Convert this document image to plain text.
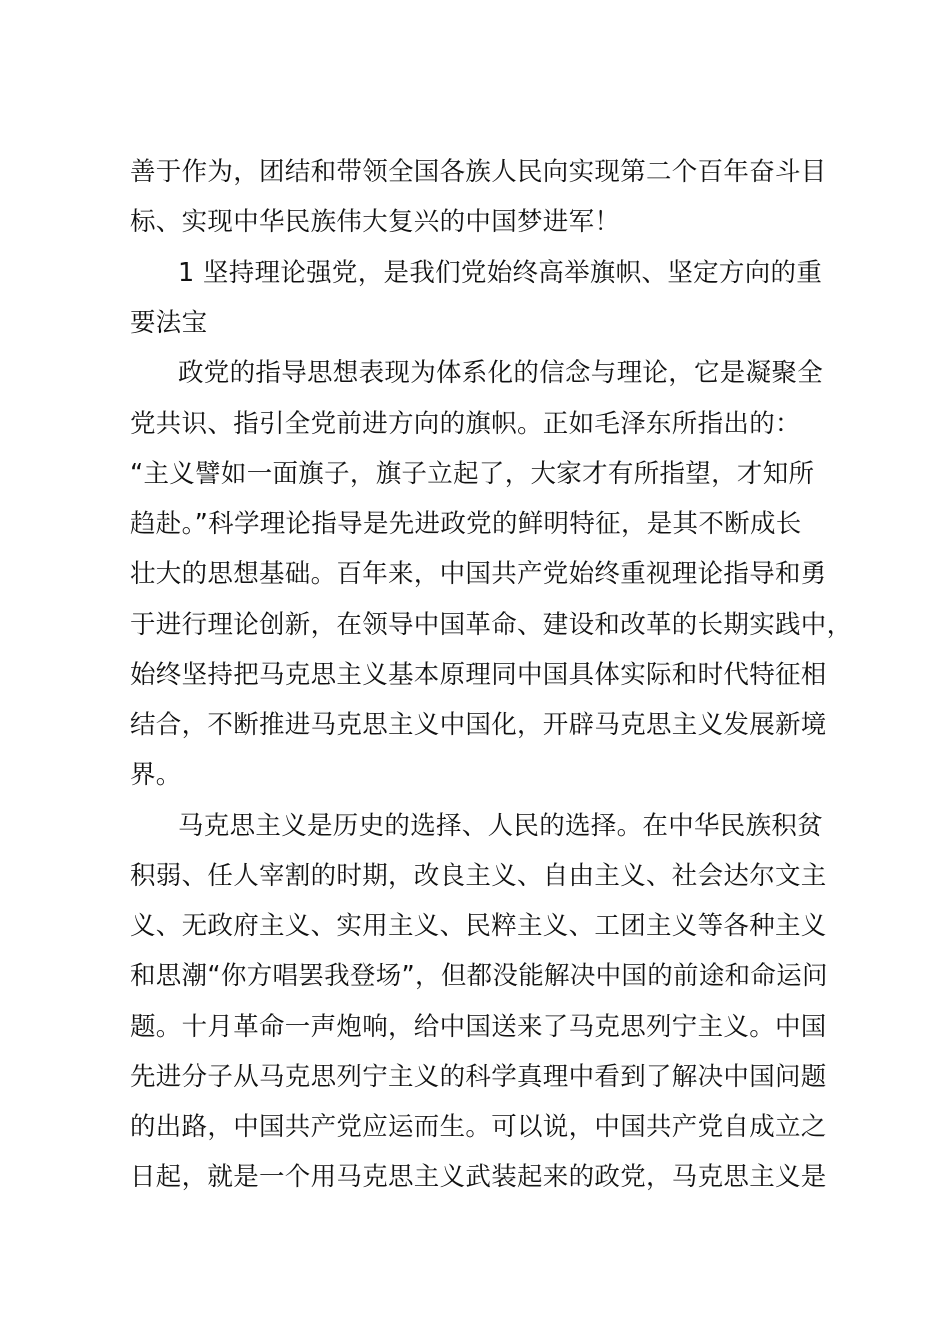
善于作为，团结和带领全国各族人民向实现第二个百年奋斗目
标、实现中华民族伟大复兴的中国梦进军！
1 坚持理论强党，是我们党始终高举旗帜、坚定方向的重
要法宝
政党的指导思想表现为体系化的信念与理论，它是凝聚全
党共识、指引全党前进方向的旗帜。正如毛泽东所指出的：
“主义譬如一面旗子，旗子立起了，大家才有所指望，才知所
趋赴。”科学理论指导是先进政党的鲜明特征，是其不断成长
壮大的思想基础。百年来，中国共产党始终重视理论指导和勇
于进行理论创新，在领导中国革命、建设和改革的长期实践中，
始终坚持把马克思主义基本原理同中国具体实际和时代特征相
结合，不断推进马克思主义中国化，开辟马克思主义发展新境
界。
马克思主义是历史的选择、人民的选择。在中华民族积贫
积弱、任人宰割的时期，改良主义、自由主义、社会达尔文主
义、无政府主义、实用主义、民粹主义、工团主义等各种主义
和思潮“你方唱罢我登场”，但都没能解决中国的前途和命运问
题。十月革命一声炮响，给中国送来了马克思列宁主义。中国
先进分子从马克思列宁主义的科学真理中看到了解决中国问题
的出路，中国共产党应运而生。可以说，中国共产党自成立之
日起，就是一个用马克思主义武装起来的政党，马克思主义是
